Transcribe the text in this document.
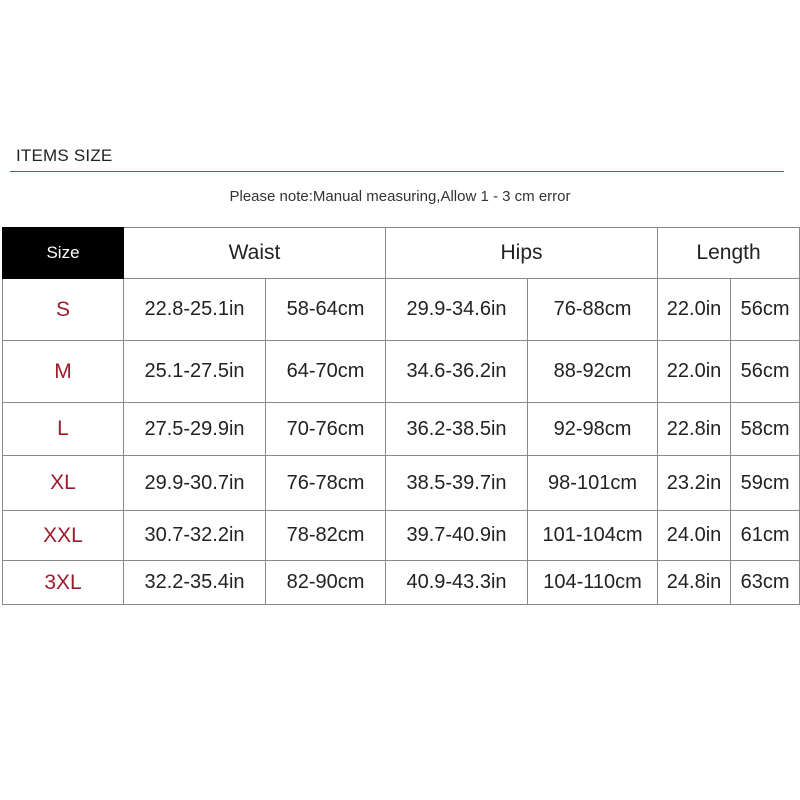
ITEMS SIZE
Please note:Manual measuring,Allow 1 - 3 cm error
Size	Waist		Hips		Length	
S	22.8-25.1in	58-64cm	29.9-34.6in	76-88cm	22.0in	56cm
M	25.1-27.5in	64-70cm	34.6-36.2in	88-92cm	22.0in	56cm
L	27.5-29.9in	70-76cm	36.2-38.5in	92-98cm	22.8in	58cm
XL	29.9-30.7in	76-78cm	38.5-39.7in	98-101cm	23.2in	59cm
XXL	30.7-32.2in	78-82cm	39.7-40.9in	101-104cm	24.0in	61cm
3XL	32.2-35.4in	82-90cm	40.9-43.3in	104-110cm	24.8in	63cm
